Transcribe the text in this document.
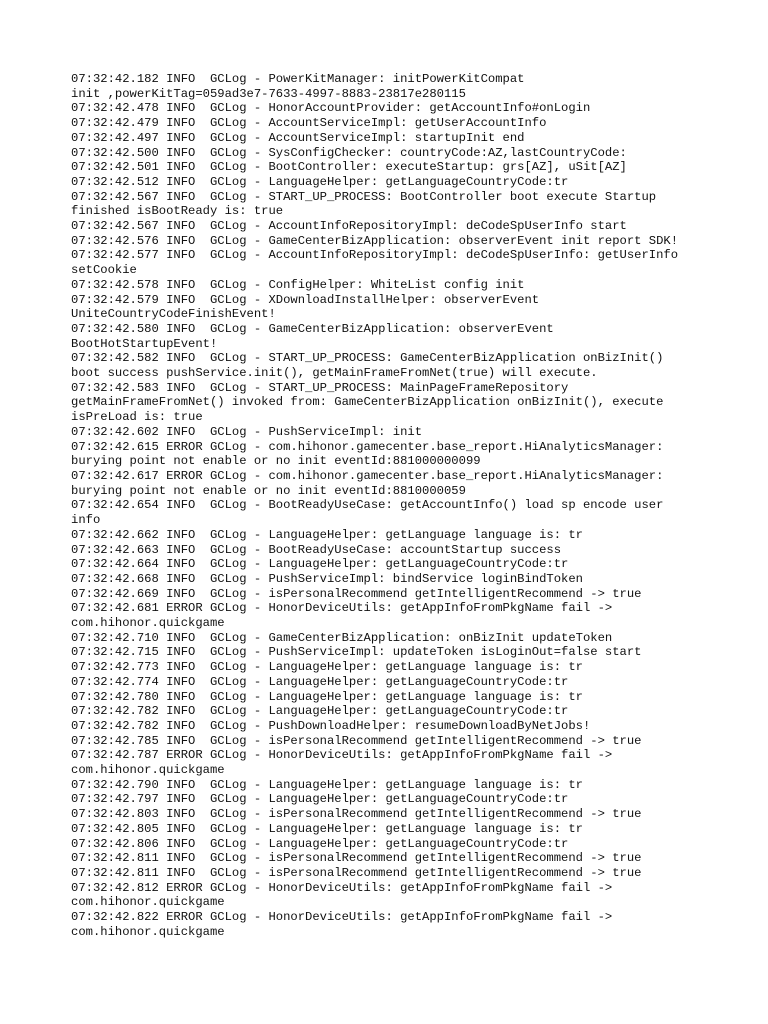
07:32:42.182 INFO  GCLog - PowerKitManager: initPowerKitCompat
init ,powerKitTag=059ad3e7-7633-4997-8883-23817e280115
07:32:42.478 INFO  GCLog - HonorAccountProvider: getAccountInfo#onLogin
07:32:42.479 INFO  GCLog - AccountServiceImpl: getUserAccountInfo
07:32:42.497 INFO  GCLog - AccountServiceImpl: startupInit end
07:32:42.500 INFO  GCLog - SysConfigChecker: countryCode:AZ,lastCountryCode:
07:32:42.501 INFO  GCLog - BootController: executeStartup: grs[AZ], uSit[AZ]
07:32:42.512 INFO  GCLog - LanguageHelper: getLanguageCountryCode:tr
07:32:42.567 INFO  GCLog - START_UP_PROCESS: BootController boot execute Startup
finished isBootReady is: true
07:32:42.567 INFO  GCLog - AccountInfoRepositoryImpl: deCodeSpUserInfo start
07:32:42.576 INFO  GCLog - GameCenterBizApplication: observerEvent init report SDK!
07:32:42.577 INFO  GCLog - AccountInfoRepositoryImpl: deCodeSpUserInfo: getUserInfo
setCookie
07:32:42.578 INFO  GCLog - ConfigHelper: WhiteList config init
07:32:42.579 INFO  GCLog - XDownloadInstallHelper: observerEvent
UniteCountryCodeFinishEvent!
07:32:42.580 INFO  GCLog - GameCenterBizApplication: observerEvent
BootHotStartupEvent!
07:32:42.582 INFO  GCLog - START_UP_PROCESS: GameCenterBizApplication onBizInit()
boot success pushService.init(), getMainFrameFromNet(true) will execute.
07:32:42.583 INFO  GCLog - START_UP_PROCESS: MainPageFrameRepository
getMainFrameFromNet() invoked from: GameCenterBizApplication onBizInit(), execute
isPreLoad is: true
07:32:42.602 INFO  GCLog - PushServiceImpl: init
07:32:42.615 ERROR GCLog - com.hihonor.gamecenter.base_report.HiAnalyticsManager:
burying point not enable or no init eventId:881000000099
07:32:42.617 ERROR GCLog - com.hihonor.gamecenter.base_report.HiAnalyticsManager:
burying point not enable or no init eventId:8810000059
07:32:42.654 INFO  GCLog - BootReadyUseCase: getAccountInfo() load sp encode user
info
07:32:42.662 INFO  GCLog - LanguageHelper: getLanguage language is: tr
07:32:42.663 INFO  GCLog - BootReadyUseCase: accountStartup success
07:32:42.664 INFO  GCLog - LanguageHelper: getLanguageCountryCode:tr
07:32:42.668 INFO  GCLog - PushServiceImpl: bindService loginBindToken
07:32:42.669 INFO  GCLog - isPersonalRecommend getIntelligentRecommend -> true
07:32:42.681 ERROR GCLog - HonorDeviceUtils: getAppInfoFromPkgName fail ->
com.hihonor.quickgame
07:32:42.710 INFO  GCLog - GameCenterBizApplication: onBizInit updateToken
07:32:42.715 INFO  GCLog - PushServiceImpl: updateToken isLoginOut=false start
07:32:42.773 INFO  GCLog - LanguageHelper: getLanguage language is: tr
07:32:42.774 INFO  GCLog - LanguageHelper: getLanguageCountryCode:tr
07:32:42.780 INFO  GCLog - LanguageHelper: getLanguage language is: tr
07:32:42.782 INFO  GCLog - LanguageHelper: getLanguageCountryCode:tr
07:32:42.782 INFO  GCLog - PushDownloadHelper: resumeDownloadByNetJobs!
07:32:42.785 INFO  GCLog - isPersonalRecommend getIntelligentRecommend -> true
07:32:42.787 ERROR GCLog - HonorDeviceUtils: getAppInfoFromPkgName fail ->
com.hihonor.quickgame
07:32:42.790 INFO  GCLog - LanguageHelper: getLanguage language is: tr
07:32:42.797 INFO  GCLog - LanguageHelper: getLanguageCountryCode:tr
07:32:42.803 INFO  GCLog - isPersonalRecommend getIntelligentRecommend -> true
07:32:42.805 INFO  GCLog - LanguageHelper: getLanguage language is: tr
07:32:42.806 INFO  GCLog - LanguageHelper: getLanguageCountryCode:tr
07:32:42.811 INFO  GCLog - isPersonalRecommend getIntelligentRecommend -> true
07:32:42.811 INFO  GCLog - isPersonalRecommend getIntelligentRecommend -> true
07:32:42.812 ERROR GCLog - HonorDeviceUtils: getAppInfoFromPkgName fail ->
com.hihonor.quickgame
07:32:42.822 ERROR GCLog - HonorDeviceUtils: getAppInfoFromPkgName fail ->
com.hihonor.quickgame
